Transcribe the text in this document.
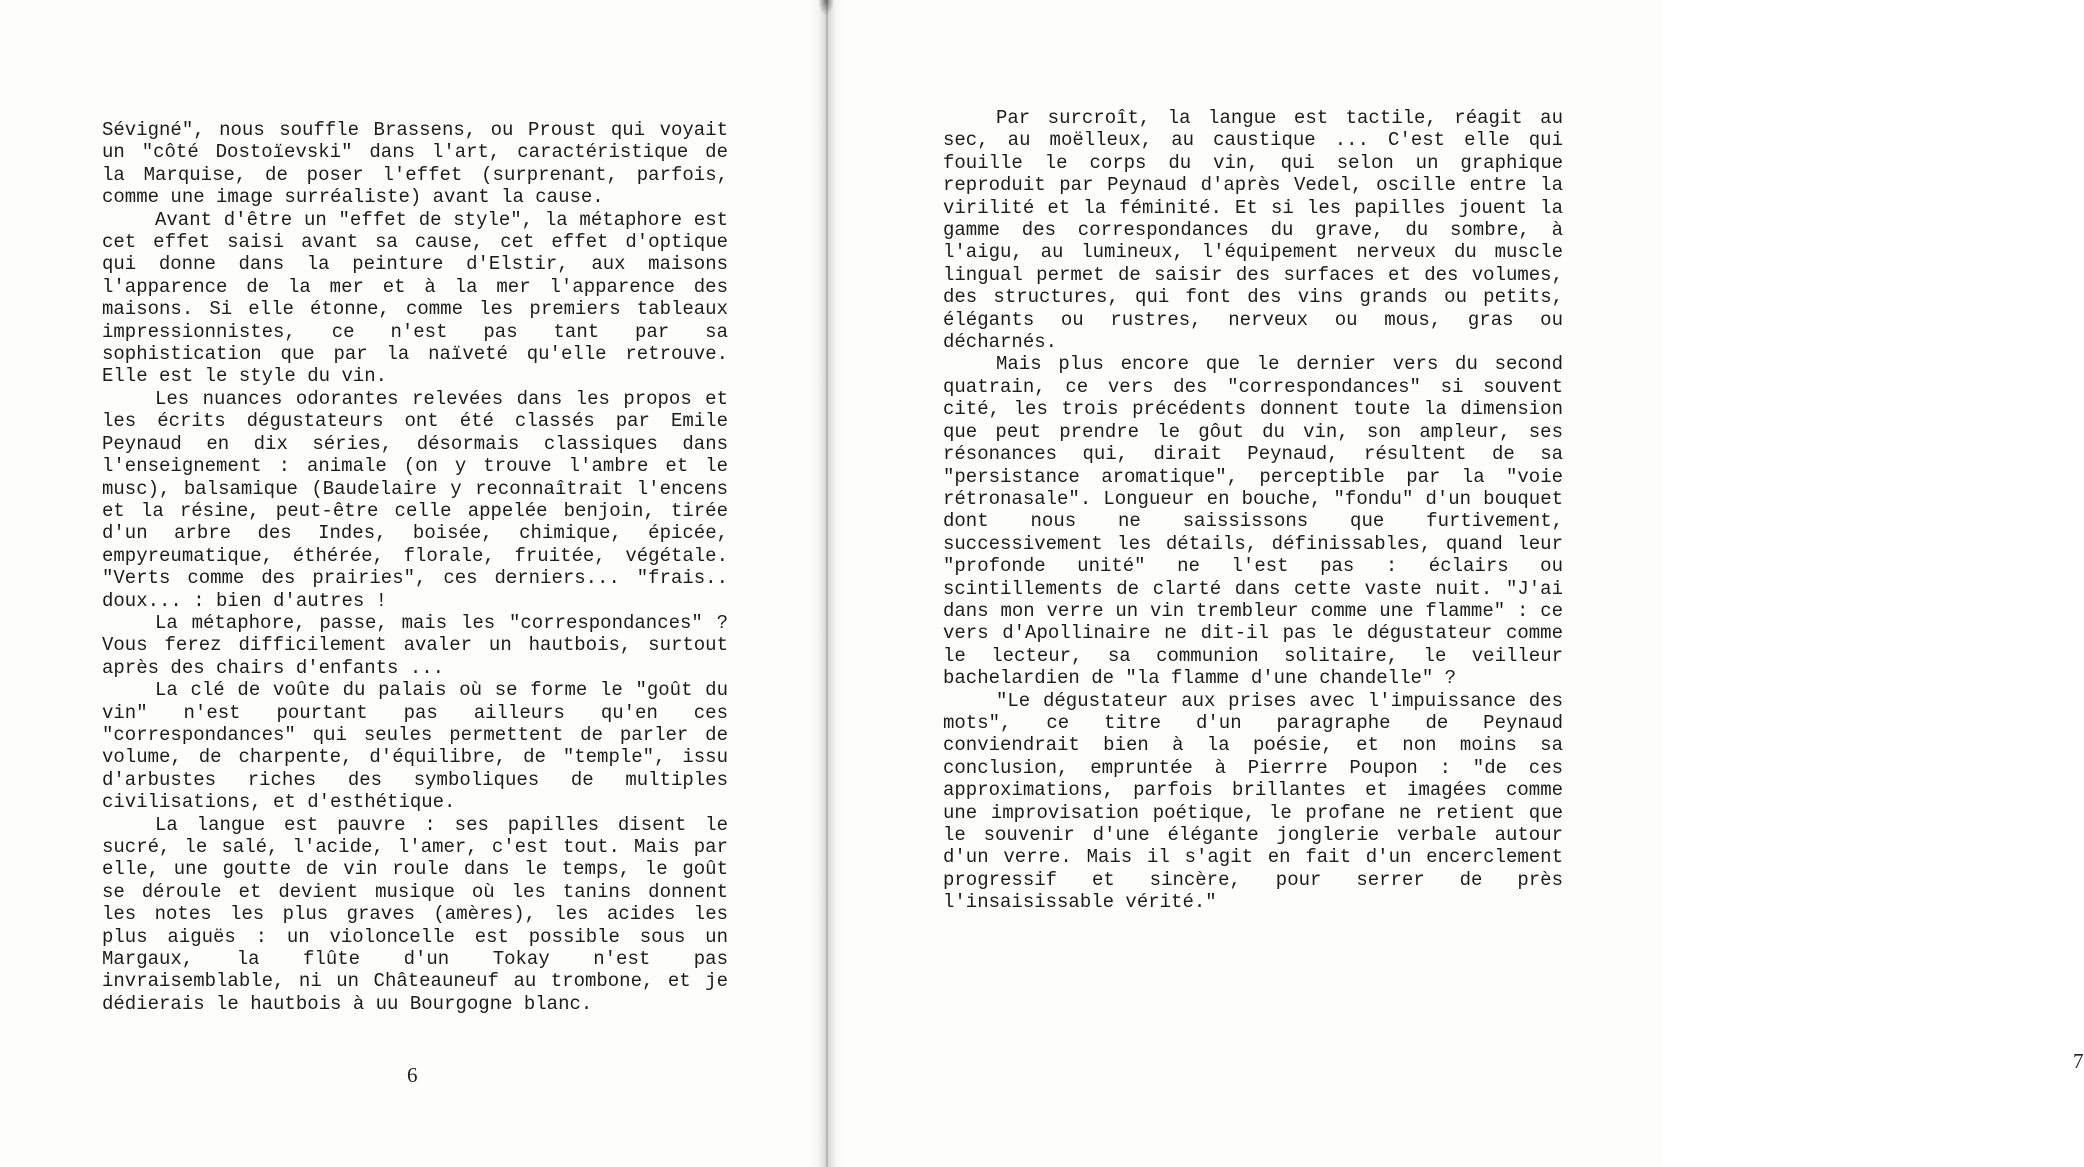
Sévigné", nous souffle Brassens, ou Proust qui voyait un "côté Dostoïevski" dans l'art, caractéristique de la Marquise, de poser l'effet (surprenant, parfois, comme une image surréaliste) avant la cause.

Avant d'être un "effet de style", la métaphore est cet effet saisi avant sa cause, cet effet d'optique qui donne dans la peinture d'Elstir, aux maisons l'apparence de la mer et à la mer l'apparence des maisons. Si elle étonne, comme les premiers tableaux impressionnistes, ce n'est pas tant par sa sophistication que par la naïveté qu'elle retrouve. Elle est le style du vin.

Les nuances odorantes relevées dans les propos et les écrits dégustateurs ont été classés par Emile Peynaud en dix séries, désormais classiques dans l'enseignement : animale (on y trouve l'ambre et le musc), balsamique (Baudelaire y reconnaîtrait l'encens et la résine, peut-être celle appelée benjoin, tirée d'un arbre des Indes, boisée, chimique, épicée, empyreumatique, éthérée, florale, fruitée, végétale. "Verts comme des prairies", ces derniers... "frais.. doux... : bien d'autres !

La métaphore, passe, mais les "correspondances" ? Vous ferez difficilement avaler un hautbois, surtout après des chairs d'enfants ...

La clé de voûte du palais où se forme le "goût du vin" n'est pourtant pas ailleurs qu'en ces "correspondances" qui seules permettent de parler de volume, de charpente, d'équilibre, de "temple", issu d'arbustes riches des symboliques de multiples civilisations, et d'esthétique.

La langue est pauvre : ses papilles disent le sucré, le salé, l'acide, l'amer, c'est tout. Mais par elle, une goutte de vin roule dans le temps, le goût se déroule et devient musique où les tanins donnent les notes les plus graves (amères), les acides les plus aiguës : un violoncelle est possible sous un Margaux, la flûte d'un Tokay n'est pas invraisemblable, ni un Châteauneuf au trombone, et je dédierais le hautbois à uu Bourgogne blanc.

6
7

Par surcroît, la langue est tactile, réagit au sec, au moëlleux, au caustique ... C'est elle qui fouille le corps du vin, qui selon un graphique reproduit par Peynaud d'après Vedel, oscille entre la virilité et la féminité. Et si les papilles jouent la gamme des correspondances du grave, du sombre, à l'aigu, au lumineux, l'équipement nerveux du muscle lingual permet de saisir des surfaces et des volumes, des structures, qui font des vins grands ou petits, élégants ou rustres, nerveux ou mous, gras ou décharnés.

Mais plus encore que le dernier vers du second quatrain, ce vers des "correspondances" si souvent cité, les trois précédents donnent toute la dimension que peut prendre le gôut du vin, son ampleur, ses résonances qui, dirait Peynaud, résultent de sa "persistance aromatique", perceptible par la "voie rétronasale". Longueur en bouche, "fondu" d'un bouquet dont nous ne saississons que furtivement, successivement les détails, définissables, quand leur "profonde unité" ne l'est pas : éclairs ou scintillements de clarté dans cette vaste nuit. "J'ai dans mon verre un vin trembleur comme une flamme" : ce vers d'Apollinaire ne dit-il pas le dégustateur comme le lecteur, sa communion solitaire, le veilleur bachelardien de "la flamme d'une chandelle" ?

"Le dégustateur aux prises avec l'impuissance des mots", ce titre d'un paragraphe de Peynaud conviendrait bien à la poésie, et non moins sa conclusion, empruntée à Pierrre Poupon : "de ces approximations, parfois brillantes et imagées comme une improvisation poétique, le profane ne retient que le souvenir d'une élégante jonglerie verbale autour d'un verre. Mais il s'agit en fait d'un encerclement progressif et sincère, pour serrer de près l'insaisissable vérité."
